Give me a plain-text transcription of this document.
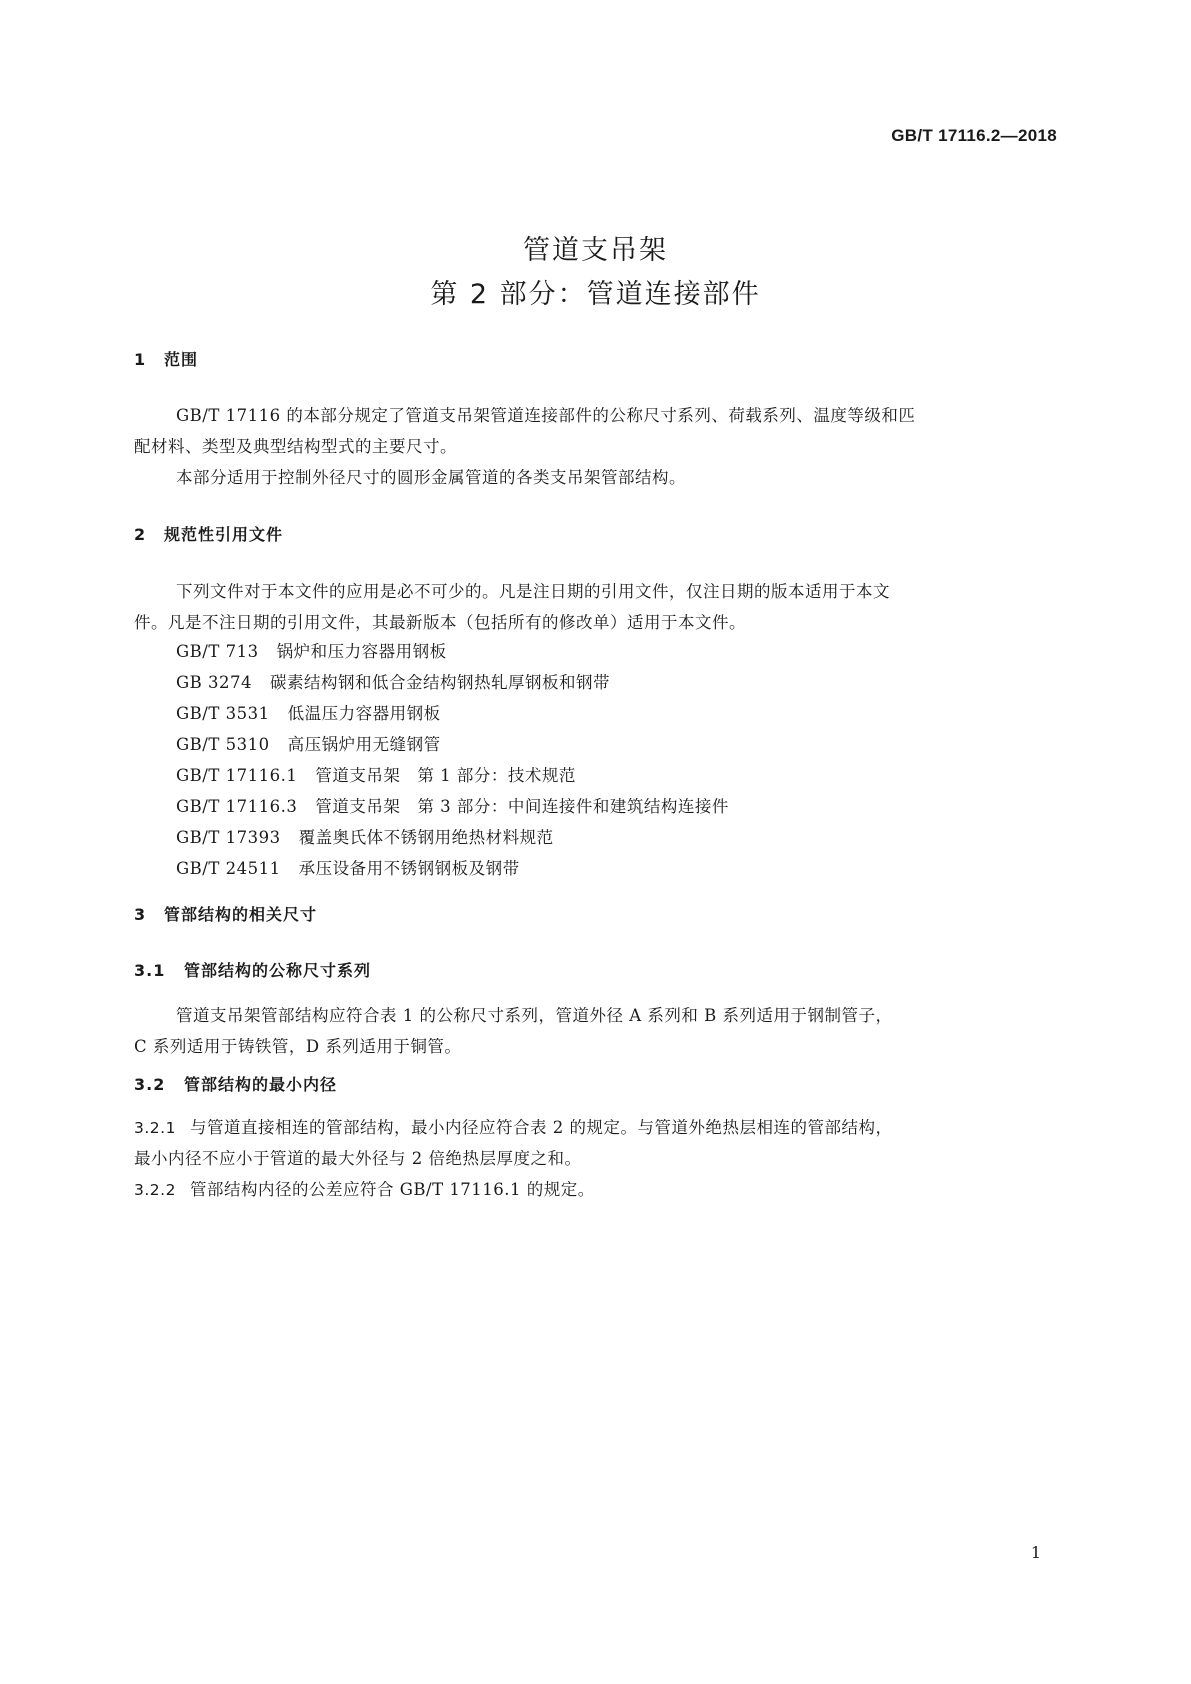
GB/T 17116.2—2018
管道支吊架
第 2 部分：管道连接部件
1 范围
GB/T 17116 的本部分规定了管道支吊架管道连接部件的公称尺寸系列、荷载系列、温度等级和匹
配材料、类型及典型结构型式的主要尺寸。
本部分适用于控制外径尺寸的圆形金属管道的各类支吊架管部结构。
2 规范性引用文件
下列文件对于本文件的应用是必不可少的。凡是注日期的引用文件，仅注日期的版本适用于本文
件。凡是不注日期的引用文件，其最新版本（包括所有的修改单）适用于本文件。
GB/T 713 锅炉和压力容器用钢板
GB 3274 碳素结构钢和低合金结构钢热轧厚钢板和钢带
GB/T 3531 低温压力容器用钢板
GB/T 5310 高压锅炉用无缝钢管
GB/T 17116.1 管道支吊架　第 1 部分：技术规范
GB/T 17116.3 管道支吊架　第 3 部分：中间连接件和建筑结构连接件
GB/T 17393 覆盖奥氏体不锈钢用绝热材料规范
GB/T 24511 承压设备用不锈钢钢板及钢带
3 管部结构的相关尺寸
3.1 管部结构的公称尺寸系列
管道支吊架管部结构应符合表 1 的公称尺寸系列，管道外径 A 系列和 B 系列适用于钢制管子，
C 系列适用于铸铁管，D 系列适用于铜管。
3.2 管部结构的最小内径
3.2.1 与管道直接相连的管部结构，最小内径应符合表 2 的规定。与管道外绝热层相连的管部结构，
最小内径不应小于管道的最大外径与 2 倍绝热层厚度之和。
3.2.2 管部结构内径的公差应符合 GB/T 17116.1 的规定。
1
